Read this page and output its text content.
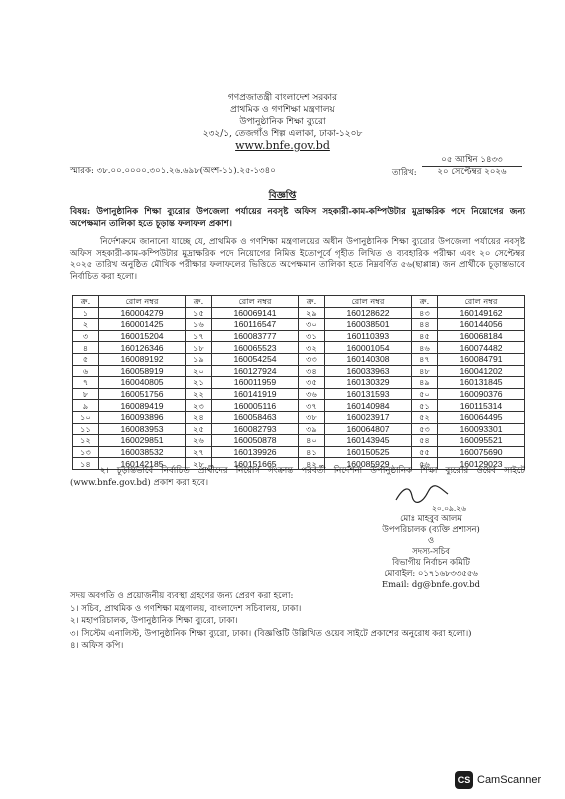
গণপ্রজাতন্ত্রী বাংলাদেশ সরকার
প্রাথমিক ও গণশিক্ষা মন্ত্রণালয়
উপানুষ্ঠানিক শিক্ষা ব্যুরো
২৩২/১, তেজগাঁও শিল্প এলাকা, ঢাকা-১২০৮
www.bnfe.gov.bd
স্মারক: ৩৮.০০.০০০০.৩০১.২৬.৬৯৮(অংশ-১১).২৫-১৩৪০	তারিখ:
০৫ আশ্বিন ১৪৩৩
২০ সেপ্টেম্বর ২০২৬
বিজ্ঞপ্তি
বিষয়: উপানুষ্ঠানিক শিক্ষা ব্যুরোর উপজেলা পর্যায়ের নবসৃষ্ট অফিস সহকারী-কাম-কম্পিউটার মুদ্রাক্ষরিক পদে নিয়োগের জন্য অপেক্ষমান তালিকা হতে চূড়ান্ত ফলাফল প্রকাশ।
নির্দেশক্রমে জানানো যাচ্ছে যে, প্রাথমিক ও গণশিক্ষা মন্ত্রণালয়ের অধীন উপানুষ্ঠানিক শিক্ষা ব্যুরোর উপজেলা পর্যায়ের নবসৃষ্ট অফিস সহকারী-কাম-কম্পিউটার মুদ্রাক্ষরিক পদে নিয়োগের নিমিত্ত ইতোপূর্বে গৃহীত লিখিত ও ব্যবহারিক পরীক্ষা এবং ২০ সেপ্টেম্বর ২০২৫ তারিখ অনুষ্ঠিত মৌখিক পরীক্ষার ফলাফলের ভিত্তিতে অপেক্ষমান তালিকা হতে নিম্নবর্ণিত ৫৬(ছাপ্পান্ন) জন প্রার্থীকে চূড়ান্তভাবে নির্বাচিত করা হলো।
ক্র.	রোল নম্বর	ক্র.	রোল নম্বর	ক্র.	রোল নম্বর	ক্র.	রোল নম্বর
১	160004279	১৫	160069141	২৯	160128622	৪৩	160149162
২	160001425	১৬	160116547	৩০	160038501	৪৪	160144056
৩	160015204	১৭	160083777	৩১	160110393	৪৫	160068184
৪	160126346	১৮	160065523	৩২	160001054	৪৬	160074482
৫	160089192	১৯	160054254	৩৩	160140308	৪৭	160084791
৬	160058919	২০	160127924	৩৪	160033963	৪৮	160041202
৭	160040805	২১	160011959	৩৫	160130329	৪৯	160131845
৮	160051756	২২	160141919	৩৬	160131593	৫০	160090376
৯	160089419	২৩	160005116	৩৭	160140984	৫১	160115314
১০	160093896	২৪	160058463	৩৮	160023917	৫২	160064495
১১	160083953	২৫	160082793	৩৯	160064807	৫৩	160093301
১২	160029851	২৬	160050878	৪০	160143945	৫৪	160095521
১৩	160038532	২৭	160139926	৪১	160150525	৫৫	160075690
১৪	160142185	২৮	160151665	৪২	160085929	৫৬	160129023
২। চূড়ান্তভাবে নির্বাচিত প্রার্থীদের নিয়োগ সংক্রান্ত পরবর্তী নির্দেশনা উপানুষ্ঠানিক শিক্ষা ব্যুরোর ওয়েব সাইটে (www.bnfe.gov.bd) প্রকাশ করা হবে।
২০.০৯.২৬
মোঃ মাহবুব আলম
উপপরিচালক (ব্যক্তি প্রশাসন)
ও
সদস্য-সচিব
বিভাগীয় নির্বাচন কমিটি
মোবাইল: ০১৭১৬৮৩৩৫৫৬
Email: dg@bnfe.gov.bd
সদয় অবগতি ও প্রয়োজনীয় ব্যবস্থা গ্রহণের জন্য প্রেরণ করা হলো:
১। সচিব, প্রাথমিক ও গণশিক্ষা মন্ত্রণালয়, বাংলাদেশ সচিবালয়, ঢাকা।
২। মহাপরিচালক, উপানুষ্ঠানিক শিক্ষা ব্যুরো, ঢাকা।
৩। সিস্টেম এনালিস্ট, উপানুষ্ঠানিক শিক্ষা ব্যুরো, ঢাকা। (বিজ্ঞপ্তিটি উল্লিখিত ওয়েব সাইটে প্রকাশের অনুরোধ করা হলো।)
৪। অফিস কপি।
CS CamScanner
